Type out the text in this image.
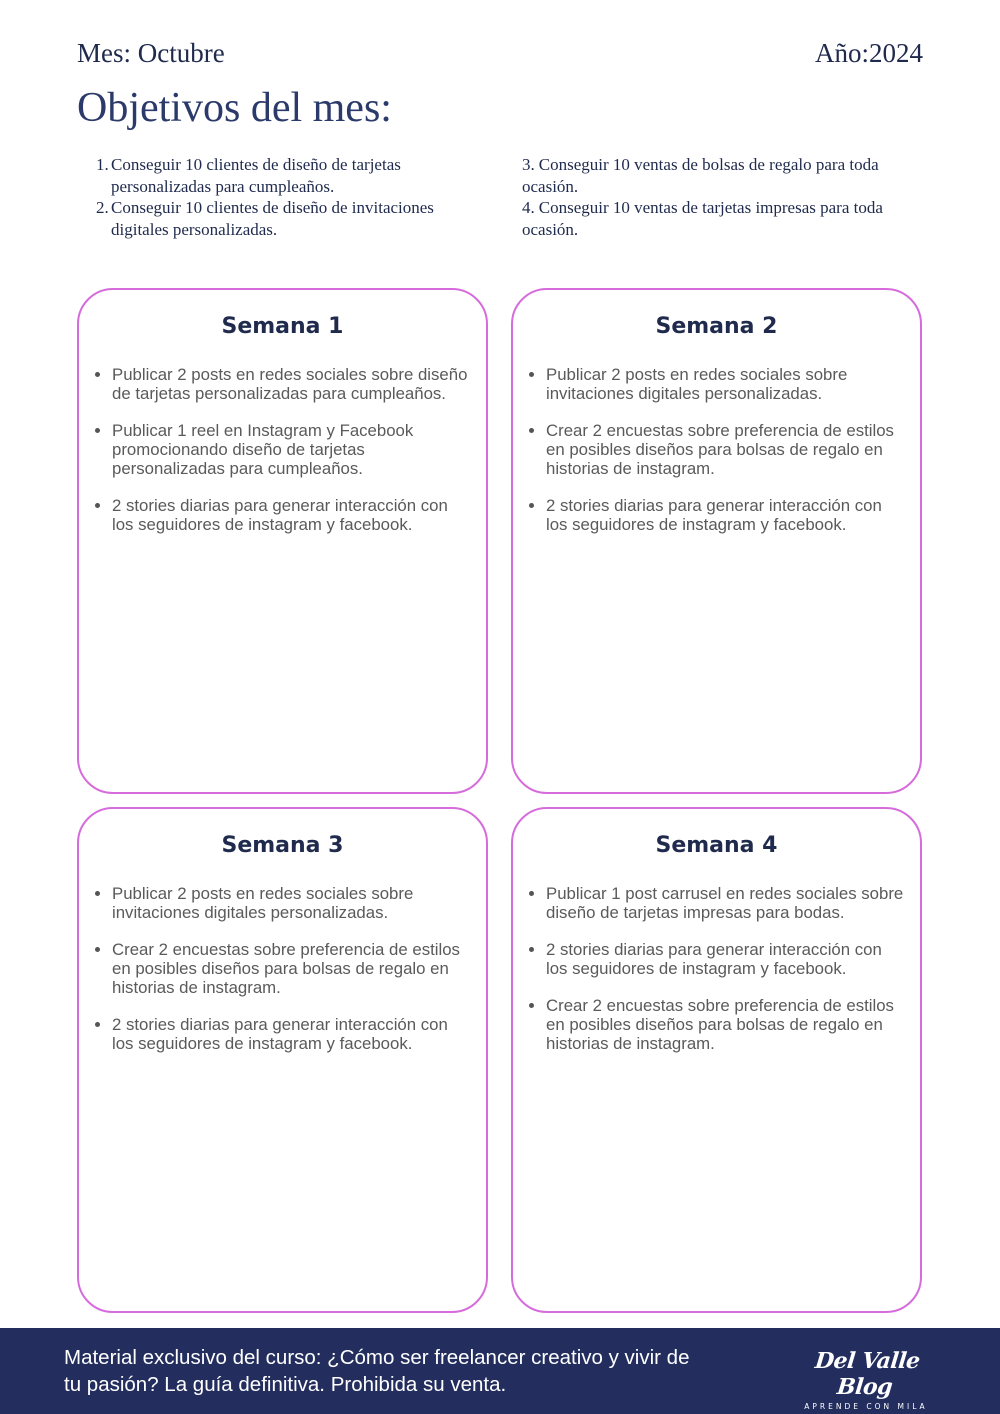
Mes: Octubre	Año:2024
Objetivos del mes:
1. Conseguir 10 clientes de diseño de tarjetas personalizadas para cumpleaños.
2. Conseguir 10 clientes de diseño de invitaciones digitales personalizadas.
3. Conseguir 10 ventas de bolsas de regalo para toda ocasión.
4. Conseguir 10 ventas de tarjetas impresas para toda ocasión.
Semana 1
Publicar 2 posts en redes sociales sobre diseño de tarjetas personalizadas para cumpleaños.
Publicar 1 reel en Instagram y Facebook promocionando diseño de tarjetas personalizadas para cumpleaños.
2 stories diarias para generar interacción con los seguidores de instagram y facebook.
Semana 2
Publicar 2 posts en redes sociales sobre invitaciones digitales personalizadas.
Crear 2 encuestas sobre preferencia de estilos en posibles diseños para bolsas de regalo en historias de instagram.
2 stories diarias para generar interacción con los seguidores de instagram y facebook.
Semana 3
Publicar 2 posts en redes sociales sobre invitaciones digitales personalizadas.
Crear 2 encuestas sobre preferencia de estilos en posibles diseños para bolsas de regalo en historias de instagram.
2 stories diarias para generar interacción con los seguidores de instagram y facebook.
Semana 4
Publicar 1 post carrusel en redes sociales sobre diseño de tarjetas impresas para bodas.
2 stories diarias para generar interacción con los seguidores de instagram y facebook.
Crear 2 encuestas sobre preferencia de estilos en posibles diseños para bolsas de regalo en historias de instagram.
Material exclusivo del curso: ¿Cómo ser freelancer creativo y vivir de tu pasión? La guía definitiva. Prohibida su venta.
Del Valle Blog
APRENDE CON MILA
